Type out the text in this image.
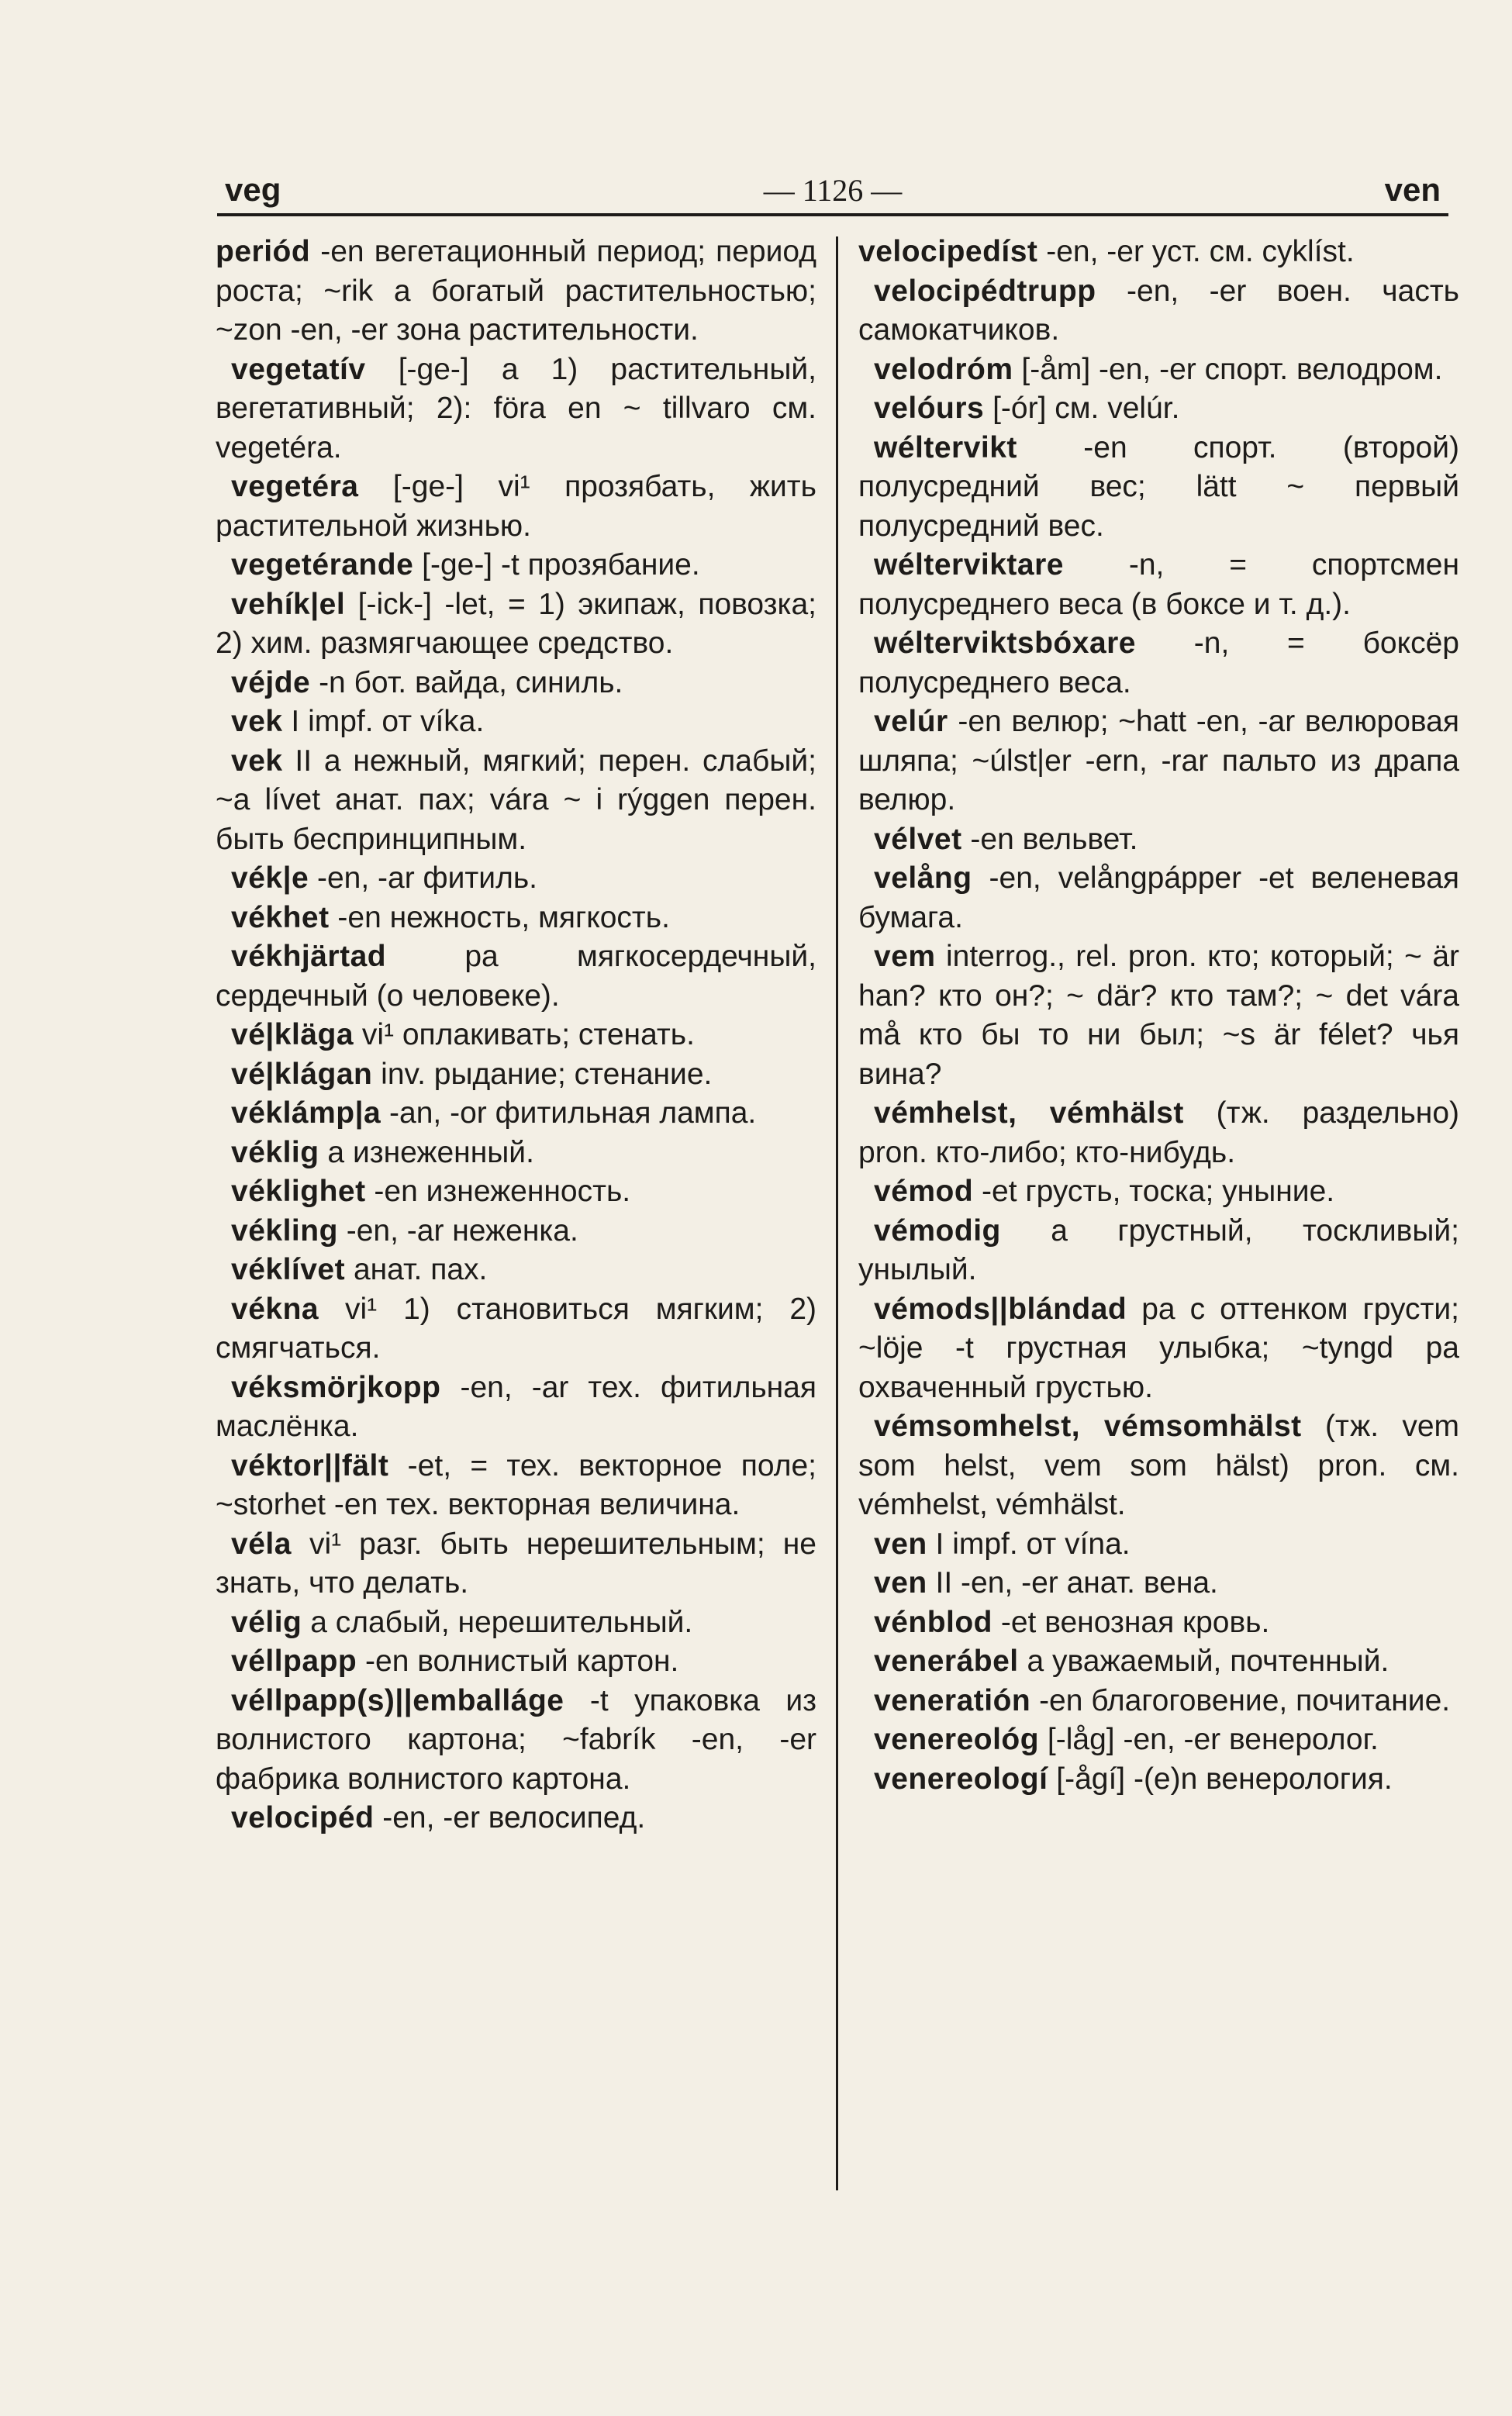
veg	— 1126 —	ven

periód -en вегетационный период; период роста; ~rik a богатый растительностью; ~zon -en, -er зона растительности.

vegetatív [-ge-] a 1) растительный, вегетативный; 2): föra en ~ tillvaro см. vegetéra.

vegetéra [-ge-] vi¹ прозябать, жить растительной жизнью.

vegetérande [-ge-] -t прозябание.

vehík|el [-ick-] -let, = 1) экипаж, повозка; 2) хим. размягчающее средство.

véjde -n бот. вайда, синиль.

vek I impf. от víka.

vek II a нежный, мягкий; перен. слабый; ~a lívet анат. пах; vára ~ i rýggen перен. быть беспринципным.

vék|e -en, -ar фитиль.

vékhet -en нежность, мягкость.

vékhjärtad pa мягкосердечный, сердечный (о человеке).

vé|kläga vi¹ оплакивать; стенать.

vé|klágan inv. рыдание; стенание.

véklámp|a -an, -or фитильная лампа.

véklig a изнеженный.

véklighet -en изнеженность.

vékling -en, -ar неженка.

véklívet анат. пах.

vékna vi¹ 1) становиться мягким; 2) смягчаться.

véksmörjkopp -en, -ar тех. фитильная маслёнка.

véktor||fält -et, = тех. векторное поле; ~storhet -en тех. векторная величина.

véla vi¹ разг. быть нерешительным; не знать, что делать.

vélig a слабый, нерешительный.

véllpapp -en волнистый картон.

véllpapp(s)||emballáge -t упаковка из волнистого картона; ~fabrík -en, -er фабрика волнистого картона.

velocipéd -en, -er велосипед.

velocipedíst -en, -er уст. см. cyklíst.

velocipédtrupp -en, -er воен. часть самокатчиков.

velodróm [-åm] -en, -er спорт. велодром.

velóurs [-ór] см. velúr.

wéltervikt -en спорт. (второй) полусредний вес; lätt ~ первый полусредний вес.

wélterviktare -n, = спортсмен полусреднего веса (в боксе и т. д.).

wélterviktsbóxare -n, = боксёр полусреднего веса.

velúr -en велюр; ~hatt -en, -ar велюровая шляпа; ~úlst|er -ern, -rar пальто из драпа велюр.

vélvet -en вельвет.

velång -en, velångpápper -et веленевая бумага.

vem interrog., rel. pron. кто; который; ~ är han? кто он?; ~ där? кто там?; ~ det vára må кто бы то ни был; ~s är félet? чья вина?

vémhelst, vémhälst (тж. раздельно) pron. кто-либо; кто-нибудь.

vémod -et грусть, тоска; уныние.

vémodig a грустный, тоскливый; унылый.

vémods||blándad pa с оттенком грусти; ~löje -t грустная улыбка; ~tyngd pa охваченный грустью.

vémsomhelst, vémsomhälst (тж. vem som helst, vem som hälst) pron. см. vémhelst, vémhälst.

ven I impf. от vína.

ven II -en, -er анат. вена.

vénblod -et венозная кровь.

venerábel a уважаемый, почтенный.

veneratión -en благоговение, почитание.

venereológ [-låg] -en, -er венеролог.

venereologí [-ågí] -(e)n венерология.
